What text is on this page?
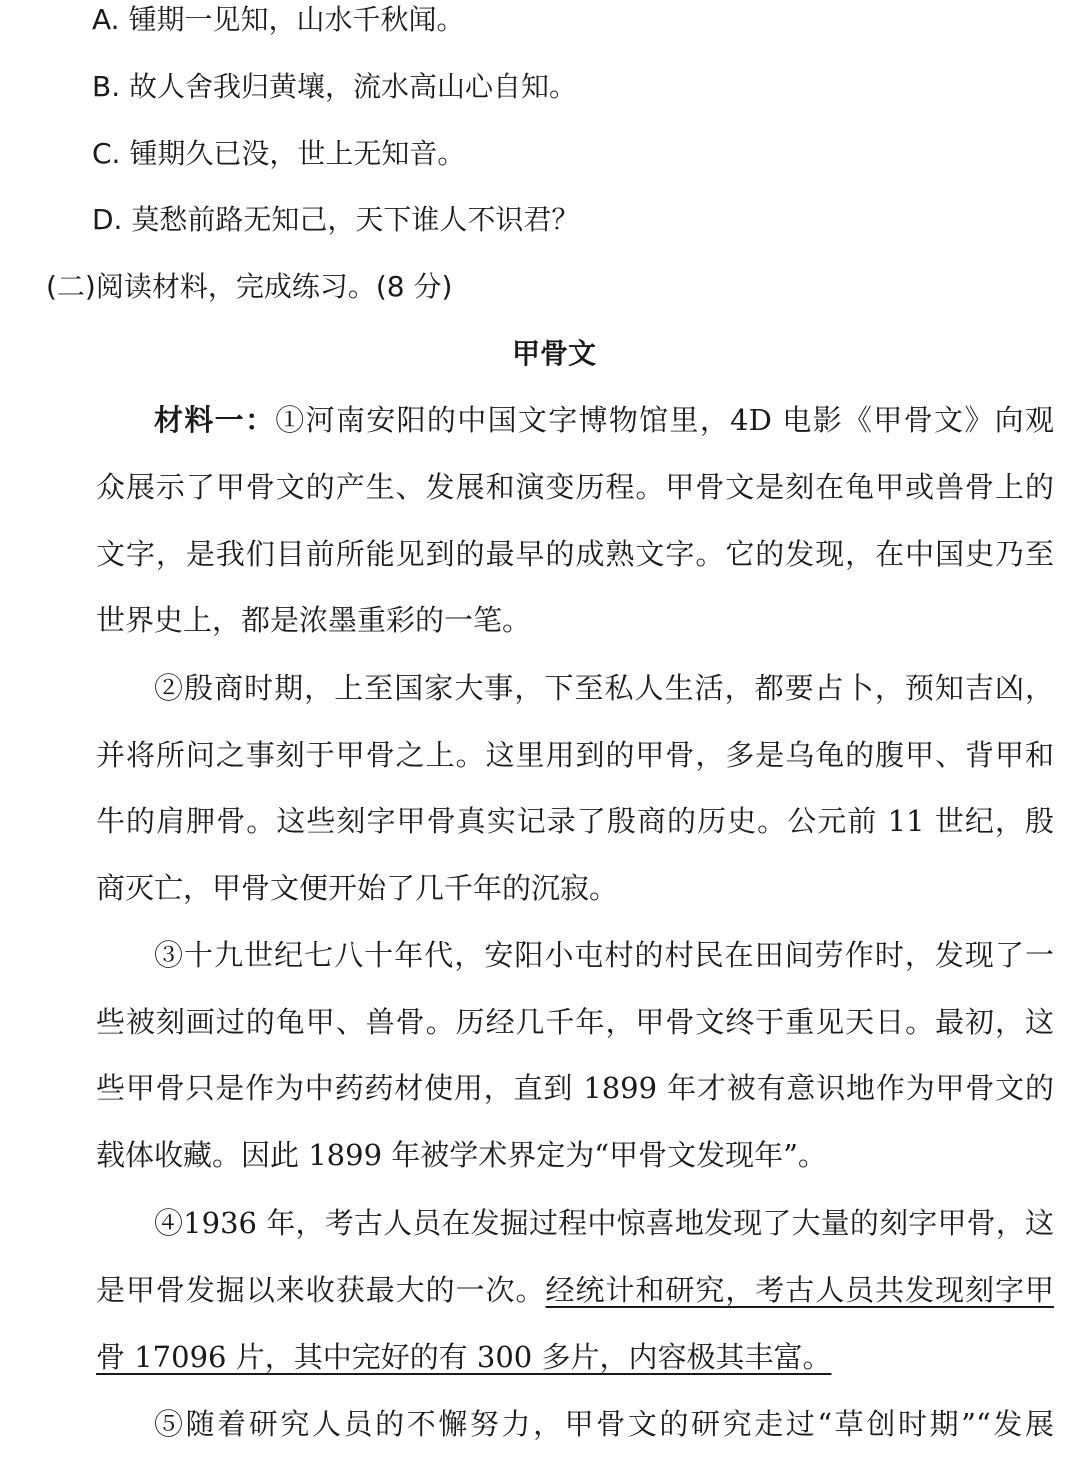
A. 锺期一见知，山水千秋闻。

B. 故人舍我归黄壤，流水高山心自知。

C. 锺期久已没，世上无知音。

D. 莫愁前路无知己，天下谁人不识君？

(二)阅读材料，完成练习。(8 分)

甲骨文

材料一：①河南安阳的中国文字博物馆里，4D 电影《甲骨文》向观

众展示了甲骨文的产生、发展和演变历程。甲骨文是刻在龟甲或兽骨上的

文字，是我们目前所能见到的最早的成熟文字。它的发现，在中国史乃至

世界史上，都是浓墨重彩的一笔。

②殷商时期，上至国家大事，下至私人生活，都要占卜，预知吉凶，

并将所问之事刻于甲骨之上。这里用到的甲骨，多是乌龟的腹甲、背甲和

牛的肩胛骨。这些刻字甲骨真实记录了殷商的历史。公元前 11 世纪，殷

商灭亡，甲骨文便开始了几千年的沉寂。

③十九世纪七八十年代，安阳小屯村的村民在田间劳作时，发现了一

些被刻画过的龟甲、兽骨。历经几千年，甲骨文终于重见天日。最初，这

些甲骨只是作为中药药材使用，直到 1899 年才被有意识地作为甲骨文的

载体收藏。因此 1899 年被学术界定为“甲骨文发现年”。

④1936 年，考古人员在发掘过程中惊喜地发现了大量的刻字甲骨，这

是甲骨发掘以来收获最大的一次。经统计和研究，考古人员共发现刻字甲

骨 17096 片，其中完好的有 300 多片，内容极其丰富。

⑤随着研究人员的不懈努力，甲骨文的研究走过“草创时期”“发展
